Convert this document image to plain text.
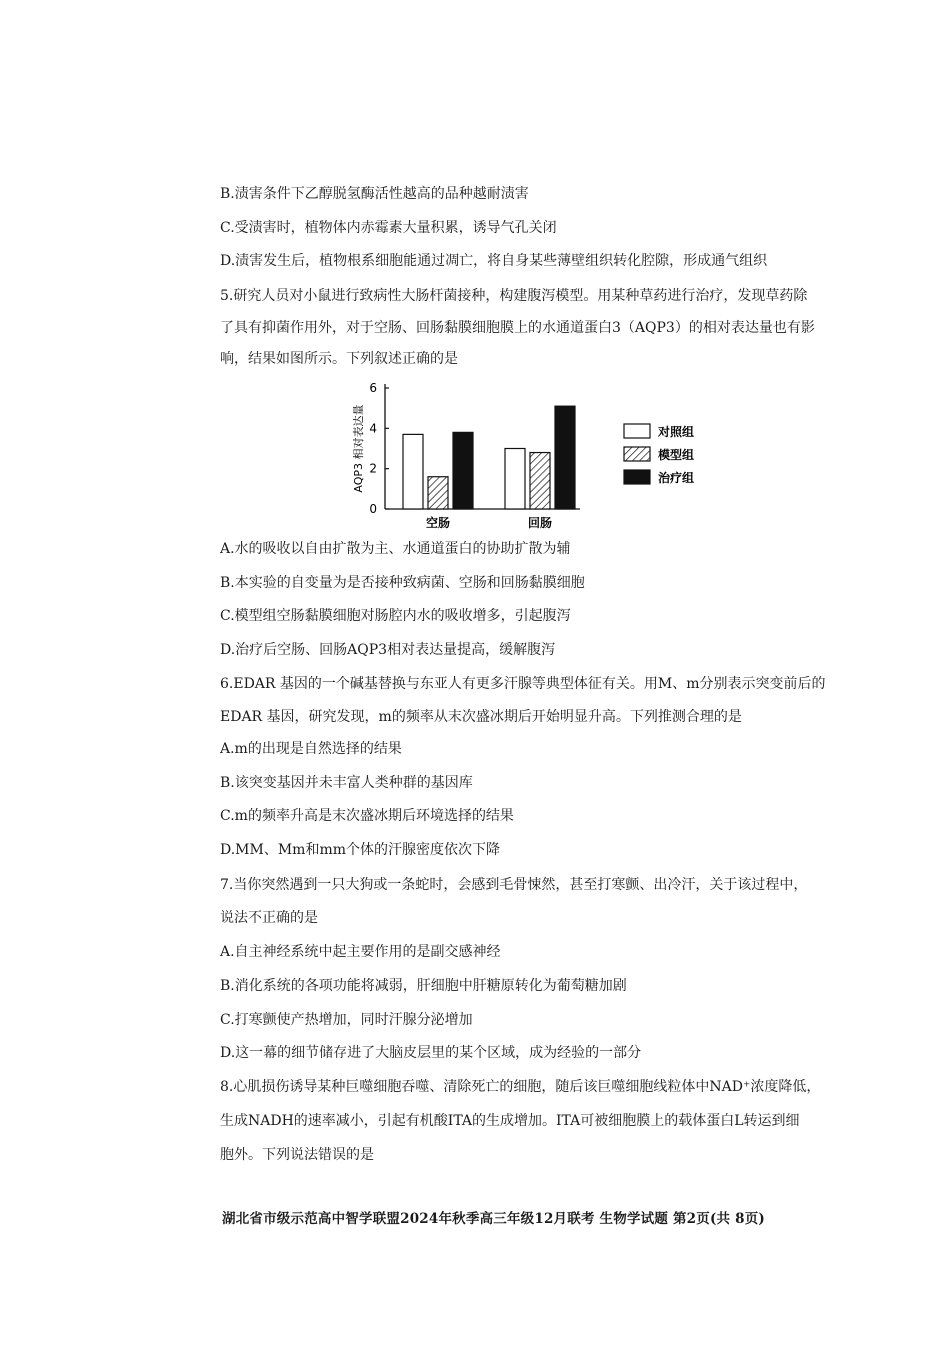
B.渍害条件下乙醇脱氢酶活性越高的品种越耐渍害
C.受渍害时，植物体内赤霉素大量积累，诱导气孔关闭
D.渍害发生后，植物根系细胞能通过凋亡，将自身某些薄壁组织转化腔隙，形成通气组织
5.研究人员对小鼠进行致病性大肠杆菌接种，构建腹泻模型。用某种草药进行治疗，发现草药除
了具有抑菌作用外，对于空肠、回肠黏膜细胞膜上的水通道蛋白3（AQP3）的相对表达量也有影
响，结果如图所示。下列叙述正确的是
0
2
4
6
AQP3 相对表达量
空肠	回肠
对照组
模型组
治疗组
A.水的吸收以自由扩散为主、水通道蛋白的协助扩散为辅
B.本实验的自变量为是否接种致病菌、空肠和回肠黏膜细胞
C.模型组空肠黏膜细胞对肠腔内水的吸收增多，引起腹泻
D.治疗后空肠、回肠AQP3相对表达量提高，缓解腹泻
6.EDAR 基因的一个碱基替换与东亚人有更多汗腺等典型体征有关。用M、m分别表示突变前后的
EDAR 基因，研究发现，m的频率从末次盛冰期后开始明显升高。下列推测合理的是
A.m的出现是自然选择的结果
B.该突变基因并未丰富人类种群的基因库
C.m的频率升高是末次盛冰期后环境选择的结果
D.MM、Mm和mm个体的汗腺密度依次下降
7.当你突然遇到一只大狗或一条蛇时，会感到毛骨悚然，甚至打寒颤、出冷汗，关于该过程中，
说法不正确的是
A.自主神经系统中起主要作用的是副交感神经
B.消化系统的各项功能将减弱，肝细胞中肝糖原转化为葡萄糖加剧
C.打寒颤使产热增加，同时汗腺分泌增加
D.这一幕的细节储存进了大脑皮层里的某个区域，成为经验的一部分
8.心肌损伤诱导某种巨噬细胞吞噬、清除死亡的细胞，随后该巨噬细胞线粒体中NAD⁺浓度降低，
生成NADH的速率减小，引起有机酸ITA的生成增加。ITA可被细胞膜上的载体蛋白L转运到细
胞外。下列说法错误的是
湖北省市级示范高中智学联盟2024年秋季高三年级12月联考 生物学试题 第2页(共 8页)
